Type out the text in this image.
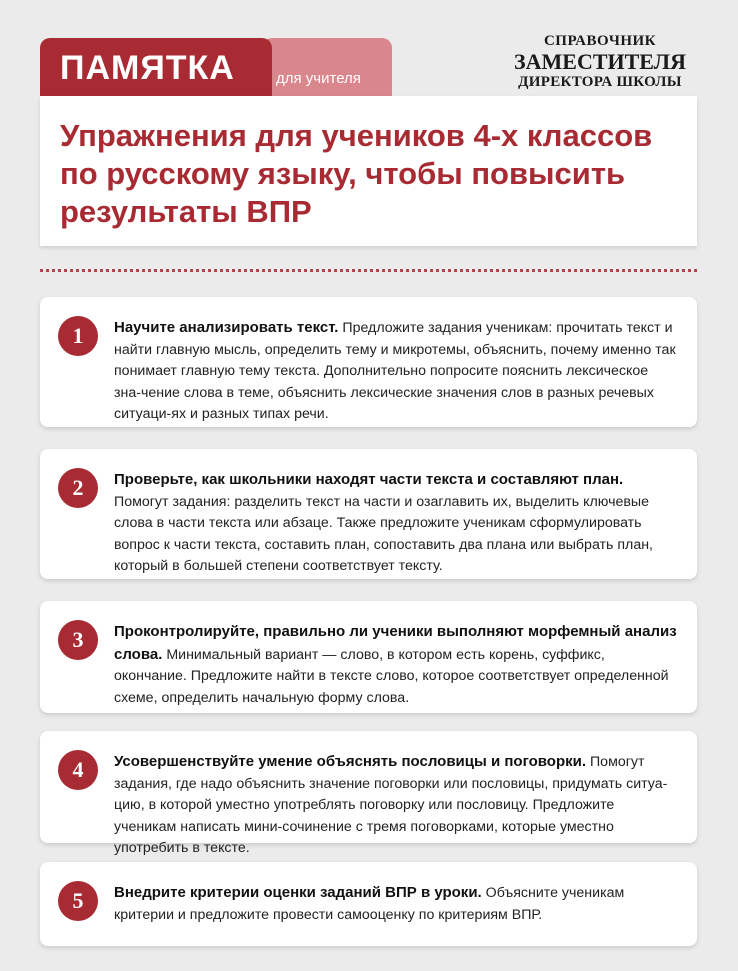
для учителя
ПАМЯТКА
СПРАВОЧНИК
ЗАМЕСТИТЕЛЯ
ДИРЕКТОРА ШКОЛЫ
Упражнения для учеников 4-х классов по русскому языку, чтобы повысить результаты ВПР
1	Научите анализировать текст. Предложите задания ученикам: прочитать текст и найти главную мысль, определить тему и микротемы, объяснить, почему именно так понимает главную тему текста. Дополнительно попросите пояснить лексическое зна-чение слова в теме, объяснить лексические значения слов в разных речевых ситуаци-ях и разных типах речи.

2	Проверьте, как школьники находят части текста и составляют план. Помогут задания: разделить текст на части и озаглавить их, выделить ключевые слова в части текста или абзаце. Также предложите ученикам сформулировать вопрос к части текста, составить план, сопоставить два плана или выбрать план, который в большей степени соответствует тексту.

3	Проконтролируйте, правильно ли ученики выполняют морфемный анализ слова. Минимальный вариант — слово, в котором есть корень, суффикс, окончание. Предложите найти в тексте слово, которое соответствует определенной схеме, определить начальную форму слова.

4	Усовершенствуйте умение объяснять пословицы и поговорки. Помогут задания, где надо объяснить значение поговорки или пословицы, придумать ситуа-цию, в которой уместно употреблять поговорку или пословицу. Предложите ученикам написать мини-сочинение с тремя поговорками, которые уместно употребить в тексте.

5	Внедрите критерии оценки заданий ВПР в уроки. Объясните ученикам критерии и предложите провести самооценку по критериям ВПР.
